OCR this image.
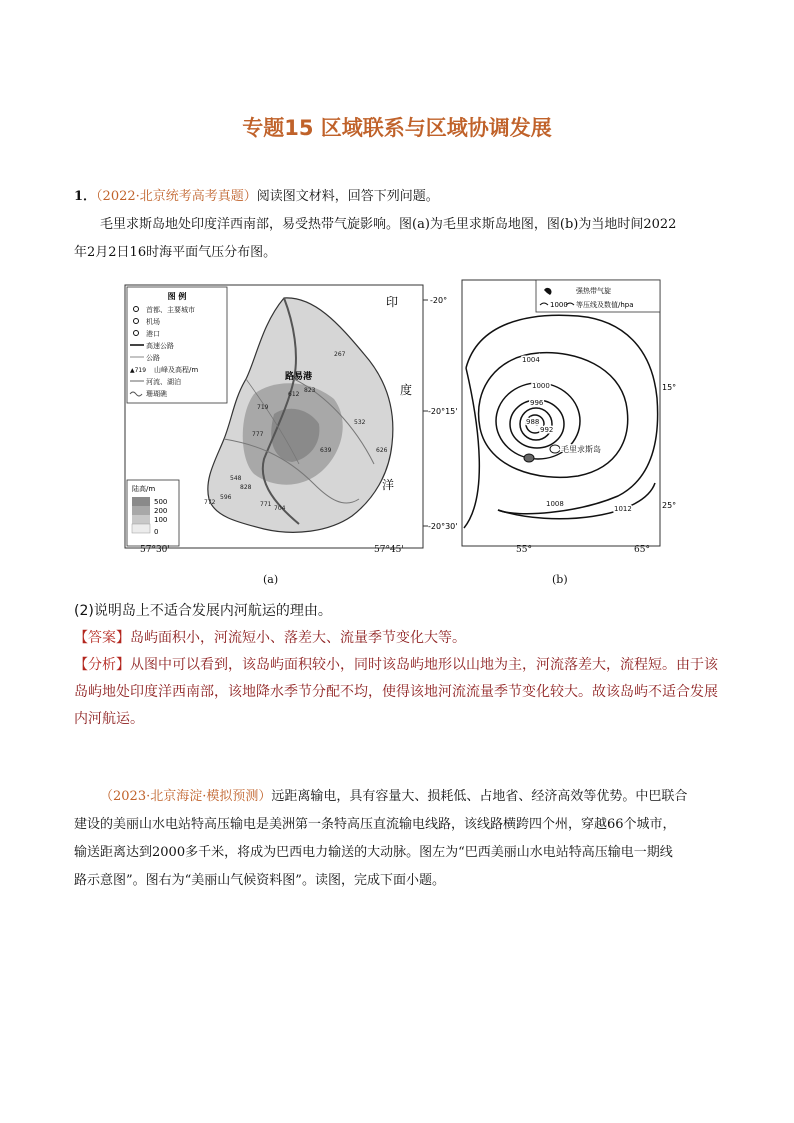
专题15 区域联系与区域协调发展
1．（2022·北京统考高考真题）阅读图文材料，回答下列问题。
毛里求斯岛地处印度洋西南部，易受热带气旋影响。图(a)为毛里求斯岛地图，图(b)为当地时间2022
年2月2日16时海平面气压分布图。
图 例
首都、主要城市
机场
港口
高速公路
公路
▲719 山峰及高程/m
河流、湖泊
珊瑚礁
陆高/m
500
200
100
0
路易港
267
612
823
719
777
532
639	626
548
828
596
771
704
772
印
度
洋
-20°
-20°15'
-20°30'
57°30'	57°45'
(a)
强热带气旋
1000 等压线及数值/hpa
1004
1000
996
992
988
1008
1012
毛里求斯岛
15°
25°
55°	65°
(b)
(2)说明岛上不适合发展内河航运的理由。
【答案】岛屿面积小，河流短小、落差大、流量季节变化大等。
【分析】从图中可以看到，该岛屿面积较小，同时该岛屿地形以山地为主，河流落差大，流程短。由于该
岛屿地处印度洋西南部，该地降水季节分配不均，使得该地河流流量季节变化较大。故该岛屿不适合发展
内河航运。
（2023·北京海淀·模拟预测）远距离输电，具有容量大、损耗低、占地省、经济高效等优势。中巴联合
建设的美丽山水电站特高压输电是美洲第一条特高压直流输电线路，该线路横跨四个州，穿越66个城市，
输送距离达到2000多千米，将成为巴西电力输送的大动脉。图左为“巴西美丽山水电站特高压输电一期线
路示意图”。图右为“美丽山气候资料图”。读图，完成下面小题。
